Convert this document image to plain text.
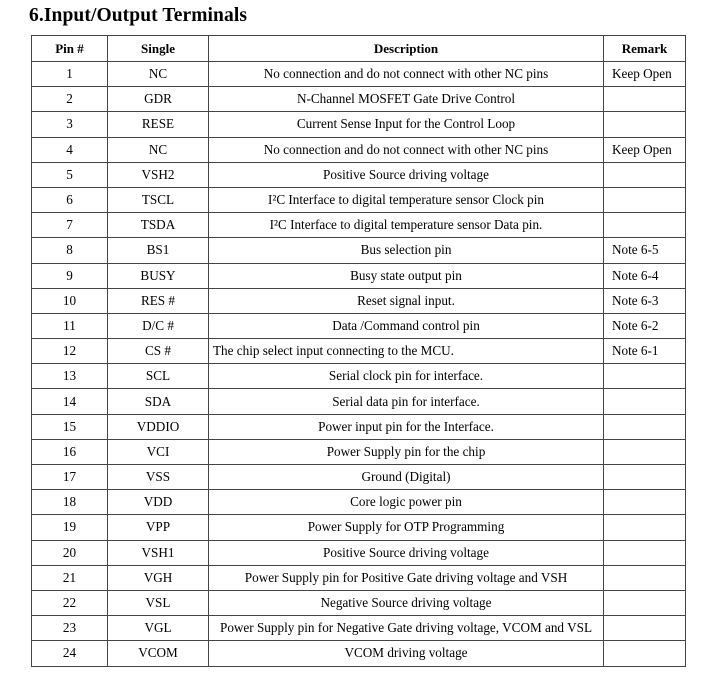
6.Input/Output Terminals
Pin #	Single	Description	Remark
1	NC	No connection and do not connect with other NC pins	Keep Open
2	GDR	N-Channel MOSFET Gate Drive Control	
3	RESE	Current Sense Input for the Control Loop	
4	NC	No connection and do not connect with other NC pins	Keep Open
5	VSH2	Positive Source driving voltage	
6	TSCL	I²C Interface to digital temperature sensor Clock pin	
7	TSDA	I²C Interface to digital temperature sensor Data pin.	
8	BS1	Bus selection pin	Note 6-5
9	BUSY	Busy state output pin	Note 6-4
10	RES #	Reset signal input.	Note 6-3
11	D/C #	Data /Command control pin	Note 6-2
12	CS #	The chip select input connecting to the MCU.	Note 6-1
13	SCL	Serial clock pin for interface.	
14	SDA	Serial data pin for interface.	
15	VDDIO	Power input pin for the Interface.	
16	VCI	Power Supply pin for the chip	
17	VSS	Ground (Digital)	
18	VDD	Core logic power pin	
19	VPP	Power Supply for OTP Programming	
20	VSH1	Positive Source driving voltage	
21	VGH	Power Supply pin for Positive Gate driving voltage and VSH	
22	VSL	Negative Source driving voltage	
23	VGL	Power Supply pin for Negative Gate driving voltage, VCOM and VSL	
24	VCOM	VCOM driving voltage	
